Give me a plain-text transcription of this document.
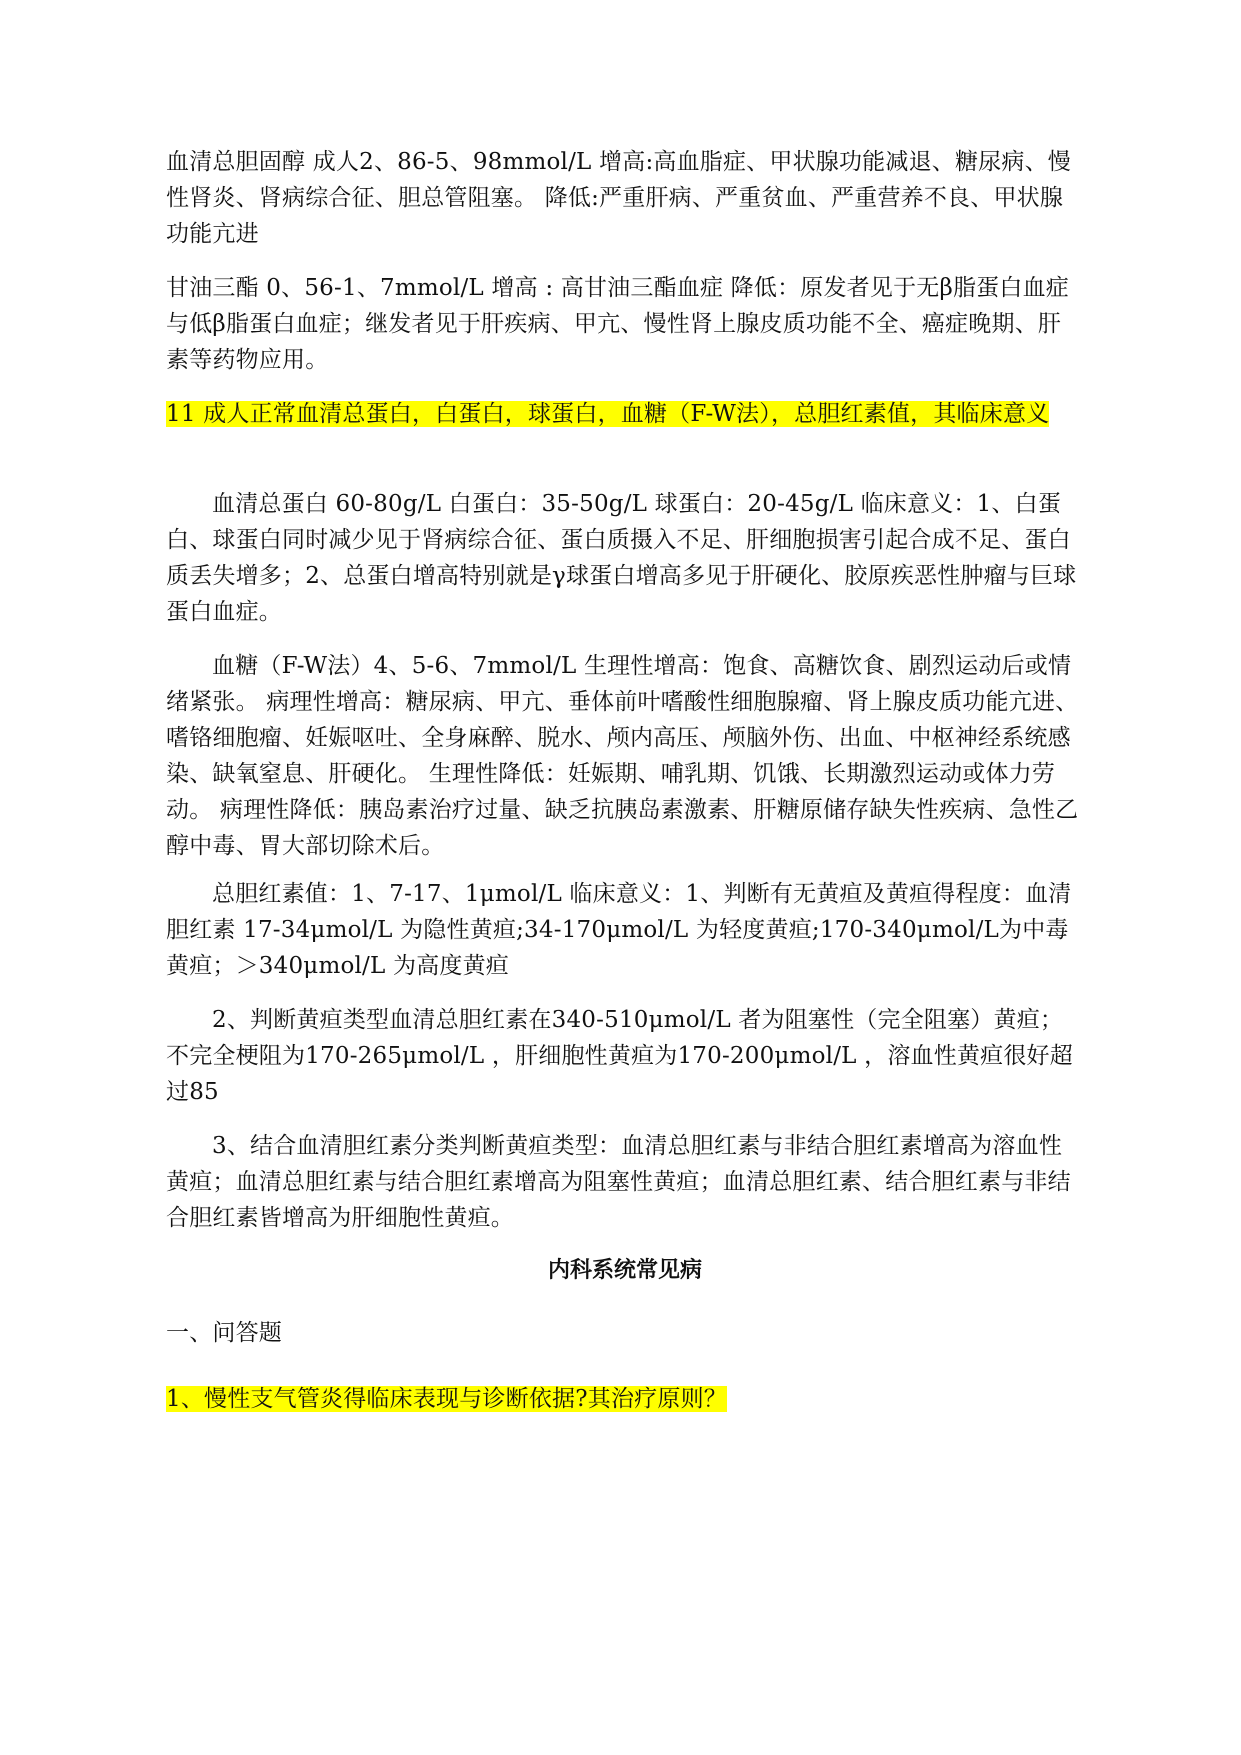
血清总胆固醇 成人2、86-5、98mmol/L 增高:高血脂症、甲状腺功能减退、糖尿病、慢性肾炎、肾病综合征、胆总管阻塞。 降低:严重肝病、严重贫血、严重营养不良、甲状腺功能亢进

甘油三酯 0、56-1、7mmol/L 增高 : 高甘油三酯血症 降低：原发者见于无β脂蛋白血症与低β脂蛋白血症；继发者见于肝疾病、甲亢、慢性肾上腺皮质功能不全、癌症晚期、肝素等药物应用。

11 成人正常血清总蛋白，白蛋白，球蛋白，血糖（F-W法），总胆红素值，其临床意义

血清总蛋白 60-80g/L 白蛋白：35-50g/L 球蛋白：20-45g/L 临床意义：1、白蛋白、球蛋白同时减少见于肾病综合征、蛋白质摄入不足、肝细胞损害引起合成不足、蛋白质丢失增多；2、总蛋白增高特别就是γ球蛋白增高多见于肝硬化、胶原疾恶性肿瘤与巨球蛋白血症。

血糖（F-W法）4、5-6、7mmol/L 生理性增高：饱食、高糖饮食、剧烈运动后或情绪紧张。 病理性增高：糖尿病、甲亢、垂体前叶嗜酸性细胞腺瘤、肾上腺皮质功能亢进、嗜铬细胞瘤、妊娠呕吐、全身麻醉、脱水、颅内高压、颅脑外伤、出血、中枢神经系统感染、缺氧窒息、肝硬化。 生理性降低：妊娠期、哺乳期、饥饿、长期激烈运动或体力劳动。 病理性降低：胰岛素治疗过量、缺乏抗胰岛素激素、肝糖原储存缺失性疾病、急性乙醇中毒、胃大部切除术后。

总胆红素值：1、7-17、1μmol/L 临床意义：1、判断有无黄疸及黄疸得程度：血清胆红素 17-34μmol/L 为隐性黄疸;34-170μmol/L 为轻度黄疸;170-340μmol/L为中毒黄疸；＞340μmol/L 为高度黄疸

2、判断黄疸类型血清总胆红素在340-510μmol/L 者为阻塞性（完全阻塞）黄疸；不完全梗阻为170-265μmol/L ，肝细胞性黄疸为170-200μmol/L ，溶血性黄疸很好超过85

3、结合血清胆红素分类判断黄疸类型：血清总胆红素与非结合胆红素增高为溶血性黄疸；血清总胆红素与结合胆红素增高为阻塞性黄疸；血清总胆红素、结合胆红素与非结合胆红素皆增高为肝细胞性黄疸。

内科系统常见病

一、问答题

1、慢性支气管炎得临床表现与诊断依据?其治疗原则？
